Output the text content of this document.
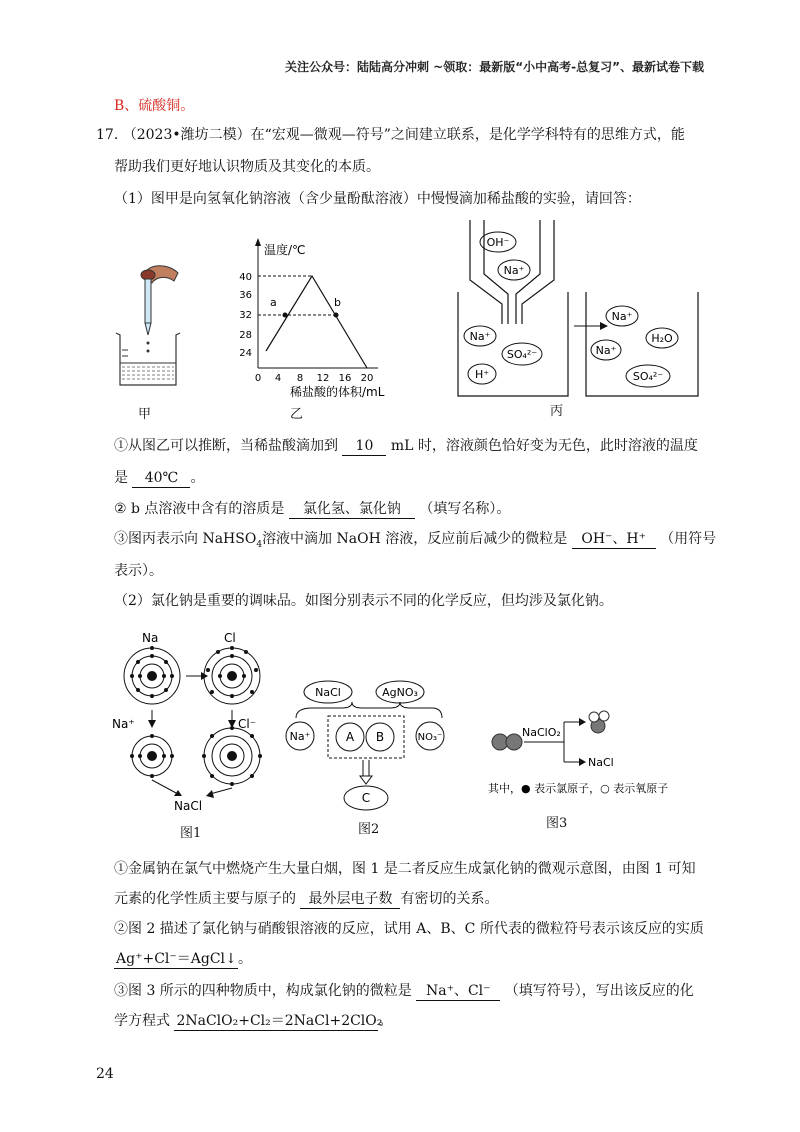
关注公众号：陆陆高分冲刺 ~领取：最新版“小中高考-总复习”、最新试卷下载
B、硫酸铜。
17. （2023•潍坊二模）在“宏观—微观—符号”之间建立联系，是化学学科特有的思维方式，能
帮助我们更好地认识物质及其变化的本质。
（1）图甲是向氢氧化钠溶液（含少量酚酞溶液）中慢慢滴加稀盐酸的实验，请回答：
甲
温度/℃
40
36
32
28
24
0 4 8 12 16 20
a	b
稀盐酸的体积/mL
乙
OH⁻
Na⁺
Na⁺
SO₄²⁻
H⁺
Na⁺
H₂O
Na⁺
SO₄²⁻
丙
①从图乙可以推断，当稀盐酸滴加到 10 mL 时，溶液颜色恰好变为无色，此时溶液的温度
是 40℃ 。
② b 点溶液中含有的溶质是 氯化氢、氯化钠 （填写名称）。
③图丙表示向 NaHSO$_4$溶液中滴加 NaOH 溶液，反应前后减少的微粒是 OH⁻、H⁺ （用符号
表示）。
（2）氯化钠是重要的调味品。如图分别表示不同的化学反应，但均涉及氯化钠。
Na	Cl
Na⁺	Cl⁻
NaCl
图1
NaCl	AgNO₃
Na⁺	A B	NO₃⁻
C
图2
NaClO₂
NaCl
其中，● 表示氯原子，○ 表示氧原子
图3
①金属钠在氯气中燃烧产生大量白烟，图 1 是二者反应生成氯化钠的微观示意图，由图 1 可知
元素的化学性质主要与原子的 最外层电子数 有密切的关系。
②图 2 描述了氯化钠与硝酸银溶液的反应，试用 A、B、C 所代表的微粒符号表示该反应的实质
Ag⁺+Cl⁻＝AgCl↓。
③图 3 所示的四种物质中，构成氯化钠的微粒是 Na⁺、Cl⁻ （填写符号），写出该反应的化
学方程式 2NaClO₂+Cl₂＝2NaCl+2ClO₂。
24
